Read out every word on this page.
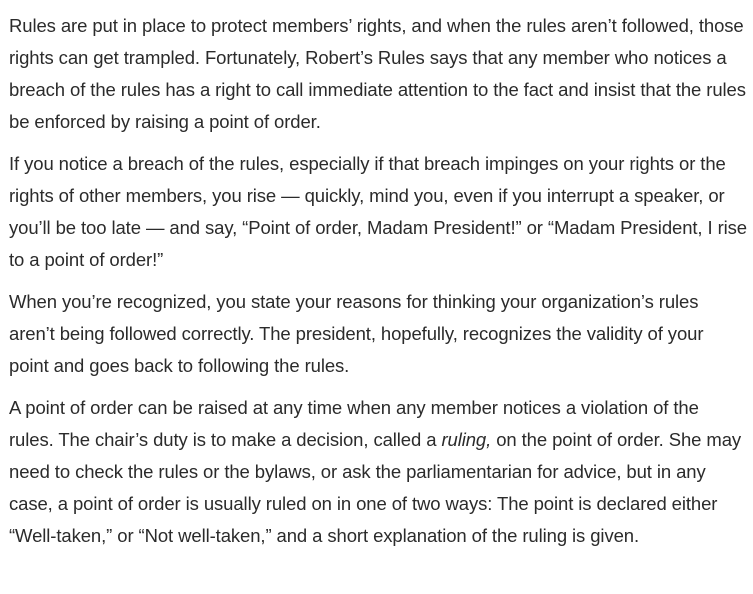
Rules are put in place to protect members’ rights, and when the rules aren’t followed, those rights can get trampled. Fortunately, Robert’s Rules says that any member who notices a breach of the rules has a right to call immediate attention to the fact and insist that the rules be enforced by raising a point of order.

If you notice a breach of the rules, especially if that breach impinges on your rights or the rights of other members, you rise — quickly, mind you, even if you interrupt a speaker, or you’ll be too late — and say, “Point of order, Madam President!” or “Madam President, I rise to a point of order!”

When you’re recognized, you state your reasons for thinking your organization’s rules aren’t being followed correctly. The president, hopefully, recognizes the validity of your point and goes back to following the rules.

A point of order can be raised at any time when any member notices a violation of the rules. The chair’s duty is to make a decision, called a ruling, on the point of order. She may need to check the rules or the bylaws, or ask the parliamentarian for advice, but in any case, a point of order is usually ruled on in one of two ways: The point is declared either “Well-taken,” or “Not well-taken,” and a short explanation of the ruling is given.
